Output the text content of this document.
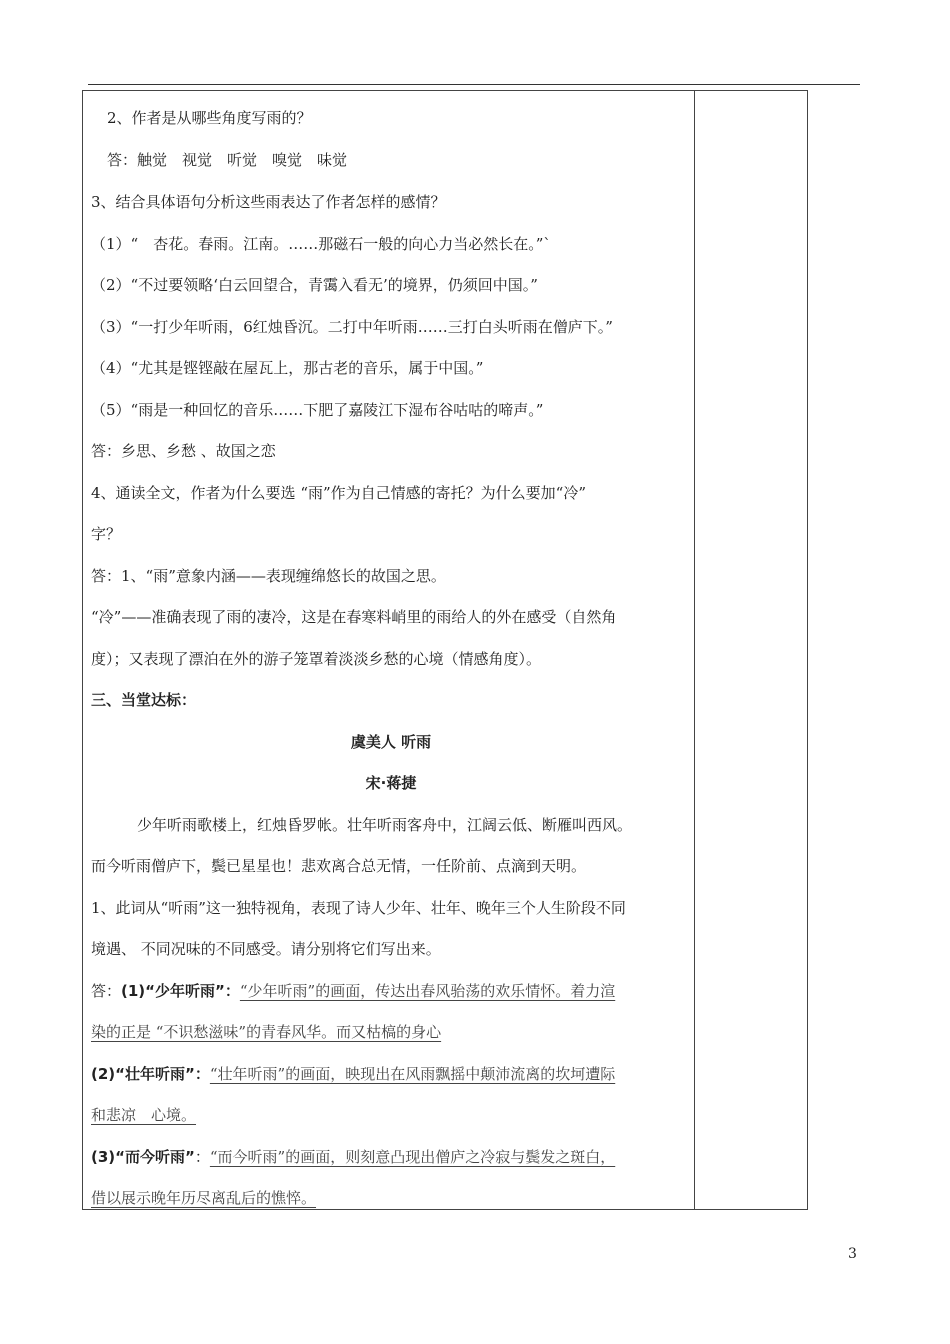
2、作者是从哪些角度写雨的？
答：触觉　视觉　听觉　嗅觉　味觉
3、结合具体语句分析这些雨表达了作者怎样的感情？
（1）“　杏花。春雨。江南。……那磁石一般的向心力当必然长在。”`
（2）“不过要领略‘白云回望合，青霭入看无’的境界，仍须回中国。”
（3）“一打少年听雨，6红烛昏沉。二打中年听雨……三打白头听雨在僧庐下。”
（4）“尤其是铿铿敲在屋瓦上，那古老的音乐，属于中国。”
（5）“雨是一种回忆的音乐……下肥了嘉陵江下湿布谷咕咕的啼声。”
答：乡思、乡愁 、故国之恋
4、通读全文，作者为什么要选 “雨”作为自己情感的寄托？为什么要加“冷”
字？
答：1、“雨”意象内涵——表现缠绵悠长的故国之思。
“冷”——准确表现了雨的凄冷，这是在春寒料峭里的雨给人的外在感受（自然角
度）；又表现了漂泊在外的游子笼罩着淡淡乡愁的心境（情感角度）。
三、当堂达标：
虞美人 听雨
宋·蒋捷
少年听雨歌楼上，红烛昏罗帐。壮年听雨客舟中，江阔云低、断雁叫西风。
而今听雨僧庐下，鬓已星星也！悲欢离合总无情，一任阶前、点滴到天明。
1、此词从“听雨”这一独特视角，表现了诗人少年、壮年、晚年三个人生阶段不同
境遇、 不同况味的不同感受。请分别将它们写出来。
答：(1)“少年听雨”：“少年听雨”的画面，传达出春风骀荡的欢乐情怀。着力渲
染的正是 “不识愁滋味”的青春风华。而又枯槁的身心
(2)“壮年听雨”：“壮年听雨”的画面，映现出在风雨飘摇中颠沛流离的坎坷遭际
和悲凉　心境。
(3)“而今听雨”：“而今听雨”的画面，则刻意凸现出僧庐之冷寂与鬓发之斑白，
借以展示晚年历尽离乱后的憔悴。
3
